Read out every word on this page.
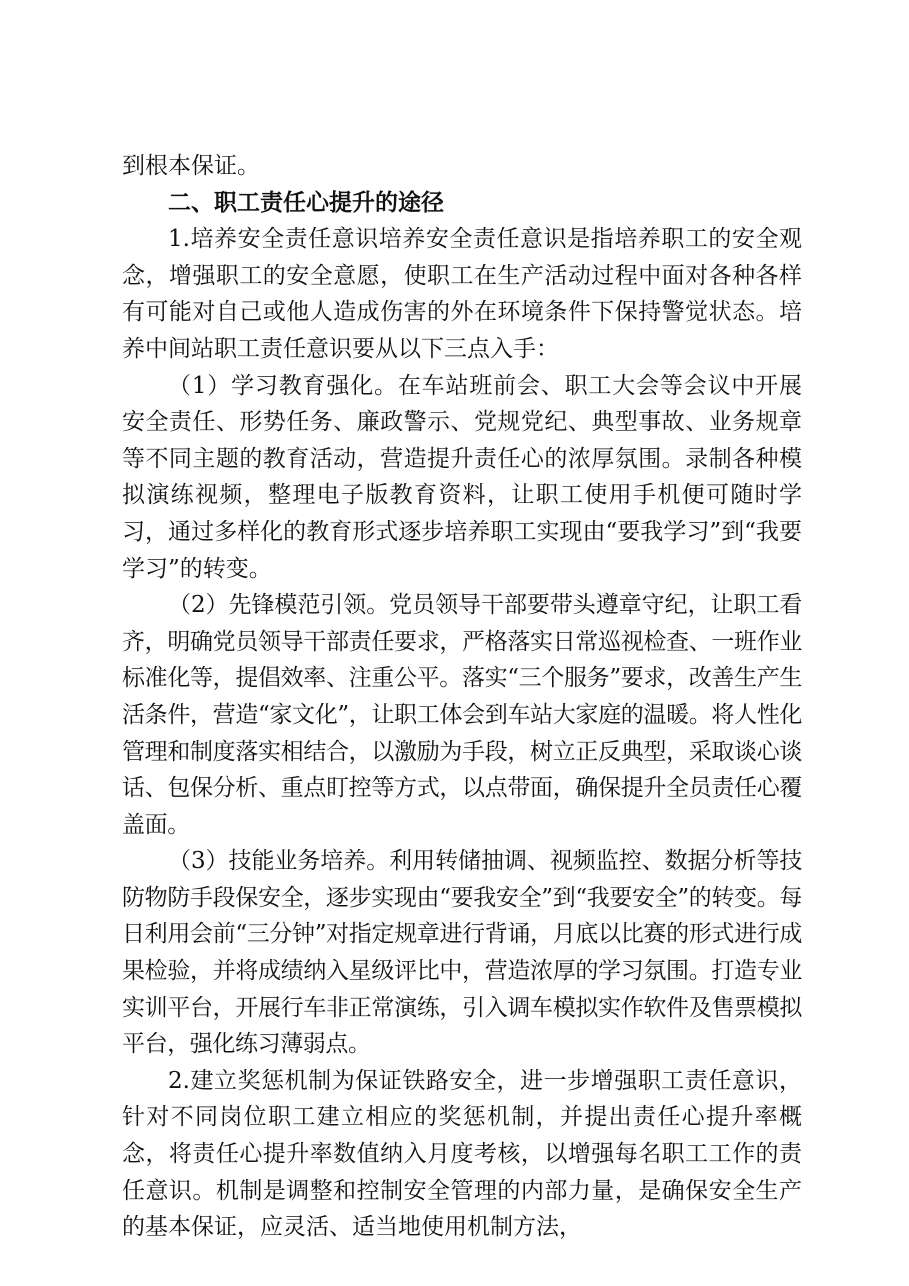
到根本保证。

二、职工责任心提升的途径

1.培养安全责任意识培养安全责任意识是指培养职工的安全观念，增强职工的安全意愿，使职工在生产活动过程中面对各种各样有可能对自己或他人造成伤害的外在环境条件下保持警觉状态。培养中间站职工责任意识要从以下三点入手：

（1）学习教育强化。在车站班前会、职工大会等会议中开展安全责任、形势任务、廉政警示、党规党纪、典型事故、业务规章等不同主题的教育活动，营造提升责任心的浓厚氛围。录制各种模拟演练视频，整理电子版教育资料，让职工使用手机便可随时学习，通过多样化的教育形式逐步培养职工实现由“要我学习”到“我要学习”的转变。

（2）先锋模范引领。党员领导干部要带头遵章守纪，让职工看齐，明确党员领导干部责任要求，严格落实日常巡视检查、一班作业标准化等，提倡效率、注重公平。落实“三个服务”要求，改善生产生活条件，营造“家文化”，让职工体会到车站大家庭的温暖。将人性化管理和制度落实相结合，以激励为手段，树立正反典型，采取谈心谈话、包保分析、重点盯控等方式，以点带面，确保提升全员责任心覆盖面。

（3）技能业务培养。利用转储抽调、视频监控、数据分析等技防物防手段保安全，逐步实现由“要我安全”到“我要安全”的转变。每日利用会前“三分钟”对指定规章进行背诵，月底以比赛的形式进行成果检验，并将成绩纳入星级评比中，营造浓厚的学习氛围。打造专业实训平台，开展行车非正常演练，引入调车模拟实作软件及售票模拟平台，强化练习薄弱点。

2.建立奖惩机制为保证铁路安全，进一步增强职工责任意识，针对不同岗位职工建立相应的奖惩机制，并提出责任心提升率概念，将责任心提升率数值纳入月度考核，以增强每名职工工作的责任意识。机制是调整和控制安全管理的内部力量，是确保安全生产的基本保证，应灵活、适当地使用机制方法，
